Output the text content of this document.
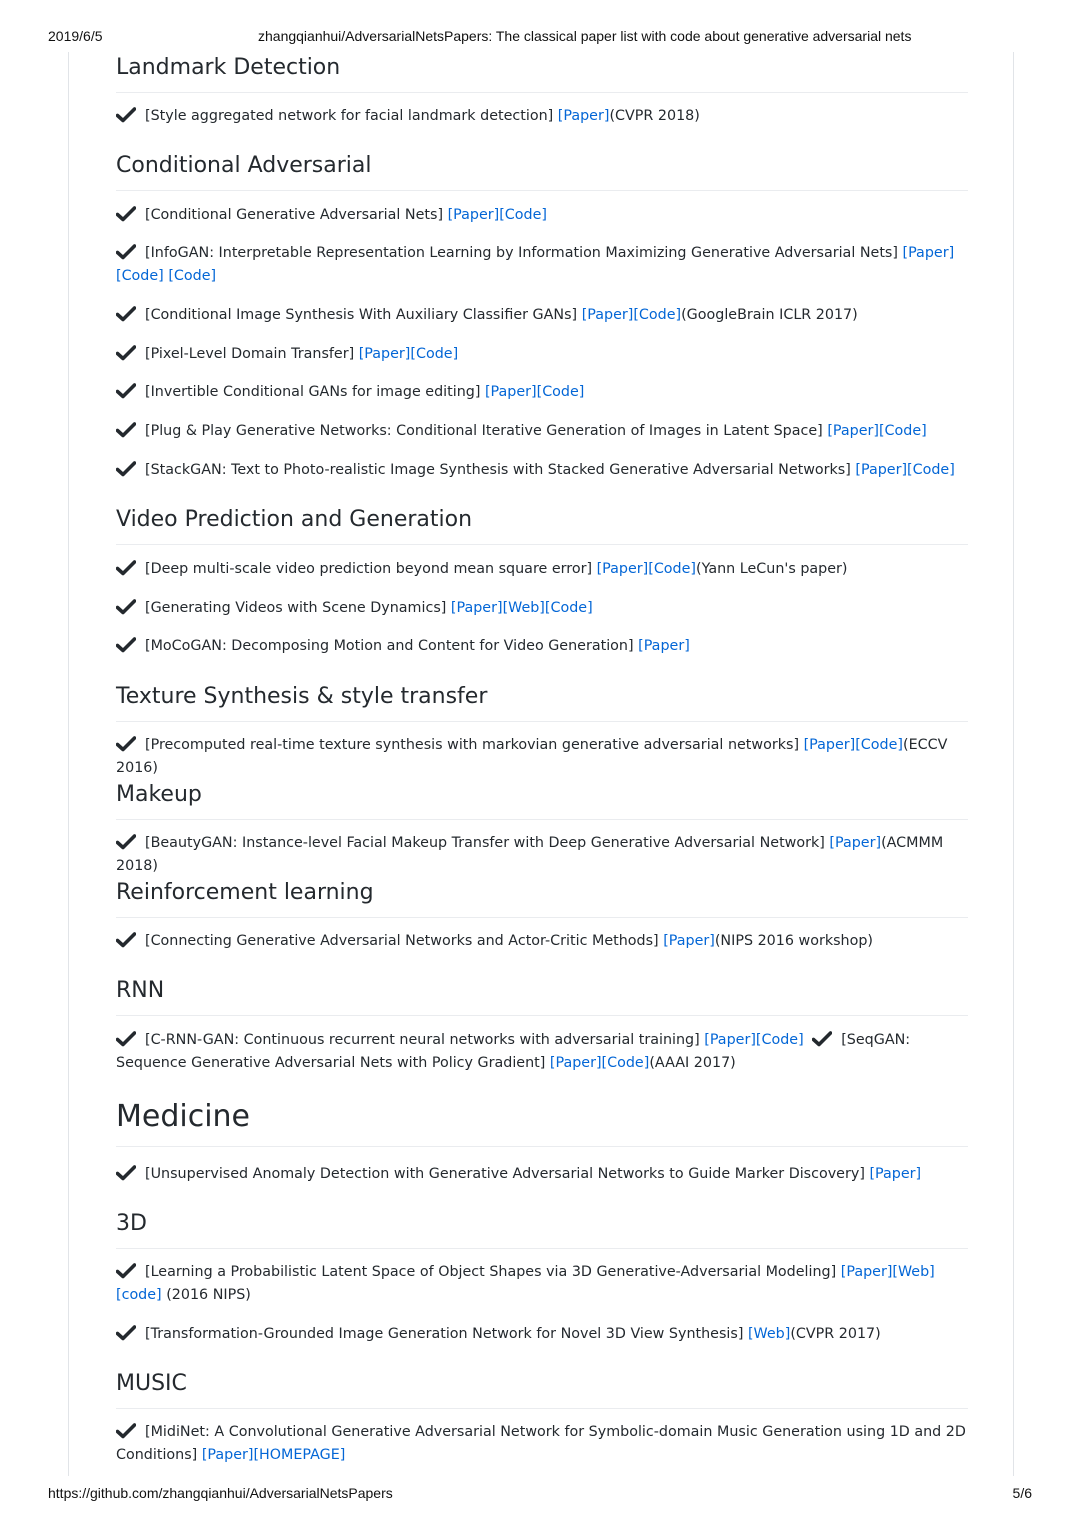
2019/6/5	zhangqianhui/AdversarialNetsPapers: The classical paper list with code about generative adversarial nets
https://github.com/zhangqianhui/AdversarialNetsPapers	5/6
Landmark Detection
[Style aggregated network for facial landmark detection] [Paper](CVPR 2018)
Conditional Adversarial
[Conditional Generative Adversarial Nets] [Paper][Code]
[InfoGAN: Interpretable Representation Learning by Information Maximizing Generative Adversarial Nets] [Paper][Code] [Code]
[Conditional Image Synthesis With Auxiliary Classifier GANs] [Paper][Code](GoogleBrain ICLR 2017)
[Pixel-Level Domain Transfer] [Paper][Code]
[Invertible Conditional GANs for image editing] [Paper][Code]
[Plug & Play Generative Networks: Conditional Iterative Generation of Images in Latent Space] [Paper][Code]
[StackGAN: Text to Photo-realistic Image Synthesis with Stacked Generative Adversarial Networks] [Paper][Code]
Video Prediction and Generation
[Deep multi-scale video prediction beyond mean square error] [Paper][Code](Yann LeCun's paper)
[Generating Videos with Scene Dynamics] [Paper][Web][Code]
[MoCoGAN: Decomposing Motion and Content for Video Generation] [Paper]
Texture Synthesis & style transfer
[Precomputed real-time texture synthesis with markovian generative adversarial networks] [Paper][Code](ECCV 2016)
Makeup
[BeautyGAN: Instance-level Facial Makeup Transfer with Deep Generative Adversarial Network] [Paper](ACMMM 2018)
Reinforcement learning
[Connecting Generative Adversarial Networks and Actor-Critic Methods] [Paper](NIPS 2016 workshop)
RNN
[C-RNN-GAN: Continuous recurrent neural networks with adversarial training] [Paper][Code]	[SeqGAN: Sequence Generative Adversarial Nets with Policy Gradient] [Paper][Code](AAAI 2017)
Medicine
[Unsupervised Anomaly Detection with Generative Adversarial Networks to Guide Marker Discovery] [Paper]
3D
[Learning a Probabilistic Latent Space of Object Shapes via 3D Generative-Adversarial Modeling] [Paper][Web][code] (2016 NIPS)
[Transformation-Grounded Image Generation Network for Novel 3D View Synthesis] [Web](CVPR 2017)
MUSIC
[MidiNet: A Convolutional Generative Adversarial Network for Symbolic-domain Music Generation using 1D and 2D Conditions] [Paper][HOMEPAGE]
